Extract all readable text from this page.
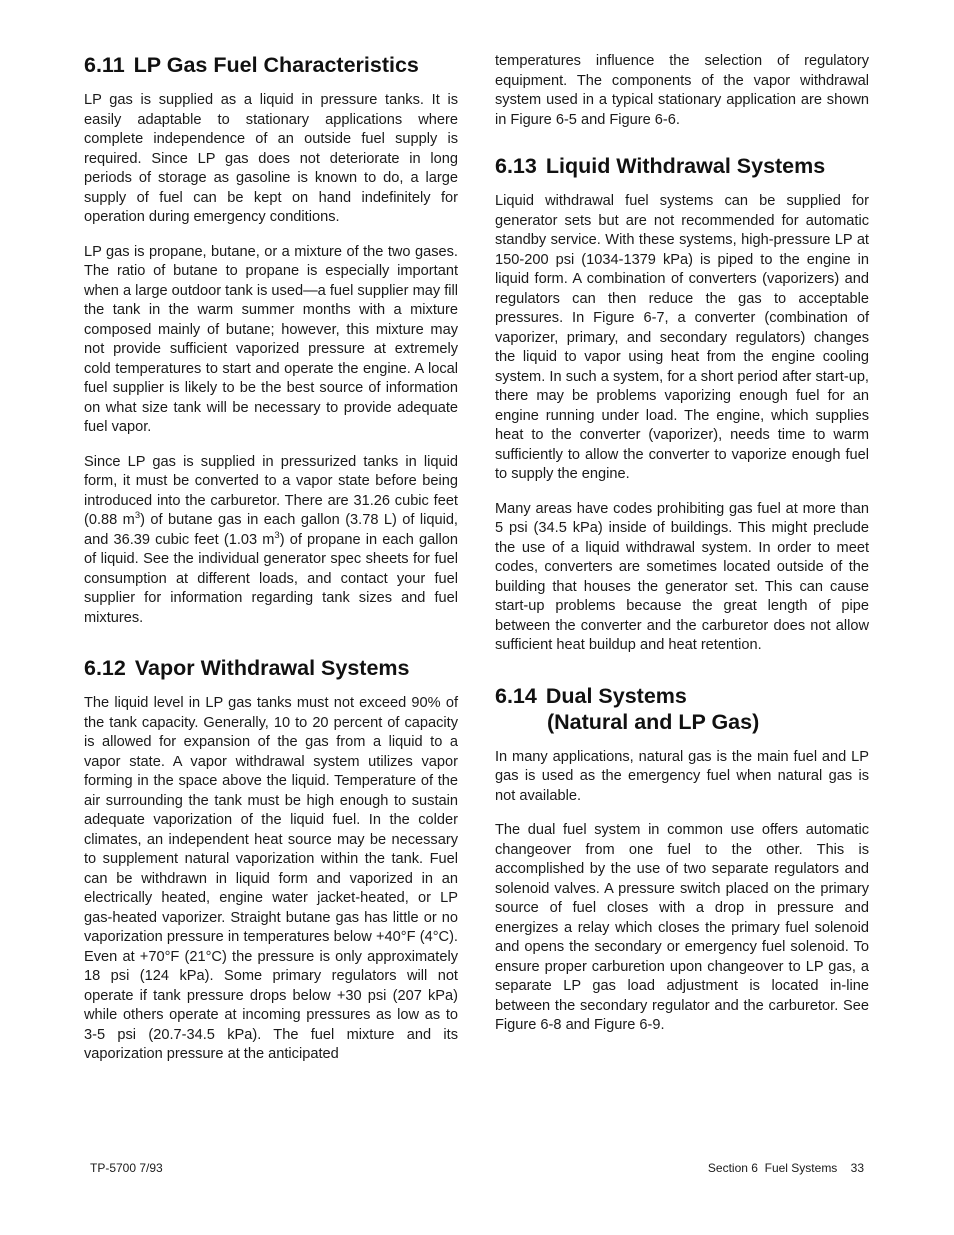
6.11 LP Gas Fuel Characteristics

LP gas is supplied as a liquid in pressure tanks. It is easily adaptable to stationary applications where complete independence of an outside fuel supply is required. Since LP gas does not deteriorate in long periods of storage as gasoline is known to do, a large supply of fuel can be kept on hand indefinitely for operation during emergency conditions.

LP gas is propane, butane, or a mixture of the two gases. The ratio of butane to propane is especially important when a large outdoor tank is used—a fuel supplier may fill the tank in the warm summer months with a mixture composed mainly of butane; however, this mixture may not provide sufficient vaporized pressure at extremely cold temperatures to start and operate the engine. A local fuel supplier is likely to be the best source of information on what size tank will be necessary to provide adequate fuel vapor.

Since LP gas is supplied in pressurized tanks in liquid form, it must be converted to a vapor state before being introduced into the carburetor. There are 31.26 cubic feet (0.88 $m^3$) of butane gas in each gallon (3.78 L) of liquid, and 36.39 cubic feet (1.03 $m^3$) of propane in each gallon of liquid. See the individual generator spec sheets for fuel consumption at different loads, and contact your fuel supplier for information regarding tank sizes and fuel mixtures.

6.12 Vapor Withdrawal Systems

The liquid level in LP gas tanks must not exceed 90% of the tank capacity. Generally, 10 to 20 percent of capacity is allowed for expansion of the gas from a liquid to a vapor state. A vapor withdrawal system utilizes vapor forming in the space above the liquid. Temperature of the air surrounding the tank must be high enough to sustain adequate vaporization of the liquid fuel. In the colder climates, an independent heat source may be necessary to supplement natural vaporization within the tank. Fuel can be withdrawn in liquid form and vaporized in an electrically heated, engine water jacket-heated, or LP gas-heated vaporizer. Straight butane gas has little or no vaporization pressure in temperatures below +40°F (4°C). Even at +70°F (21°C) the pressure is only approximately 18 psi (124 kPa). Some primary regulators will not operate if tank pressure drops below +30 psi (207 kPa) while others operate at incoming pressures as low as to 3-5 psi (20.7-34.5 kPa). The fuel mixture and its vaporization pressure at the anticipated

temperatures influence the selection of regulatory equipment. The components of the vapor withdrawal system used in a typical stationary application are shown in Figure 6-5 and Figure 6-6.

6.13 Liquid Withdrawal Systems

Liquid withdrawal fuel systems can be supplied for generator sets but are not recommended for automatic standby service. With these systems, high-pressure LP at 150-200 psi (1034-1379 kPa) is piped to the engine in liquid form. A combination of converters (vaporizers) and regulators can then reduce the gas to acceptable pressures. In Figure 6-7, a converter (combination of vaporizer, primary, and secondary regulators) changes the liquid to vapor using heat from the engine cooling system. In such a system, for a short period after start-up, there may be problems vaporizing enough fuel for an engine running under load. The engine, which supplies heat to the converter (vaporizer), needs time to warm sufficiently to allow the converter to vaporize enough fuel to supply the engine.

Many areas have codes prohibiting gas fuel at more than 5 psi (34.5 kPa) inside of buildings. This might preclude the use of a liquid withdrawal system. In order to meet codes, converters are sometimes located outside of the building that houses the generator set. This can cause start-up problems because the great length of pipe between the converter and the carburetor does not allow sufficient heat buildup and heat retention.

6.14 Dual Systems
(Natural and LP Gas)

In many applications, natural gas is the main fuel and LP gas is used as the emergency fuel when natural gas is not available.

The dual fuel system in common use offers automatic changeover from one fuel to the other. This is accomplished by the use of two separate regulators and solenoid valves. A pressure switch placed on the primary source of fuel closes with a drop in pressure and energizes a relay which closes the primary fuel solenoid and opens the secondary or emergency fuel solenoid. To ensure proper carburetion upon changeover to LP gas, a separate LP gas load adjustment is located in-line between the secondary regulator and the carburetor. See Figure 6-8 and Figure 6-9.

TP-5700 7/93	Section 6  Fuel Systems    33
